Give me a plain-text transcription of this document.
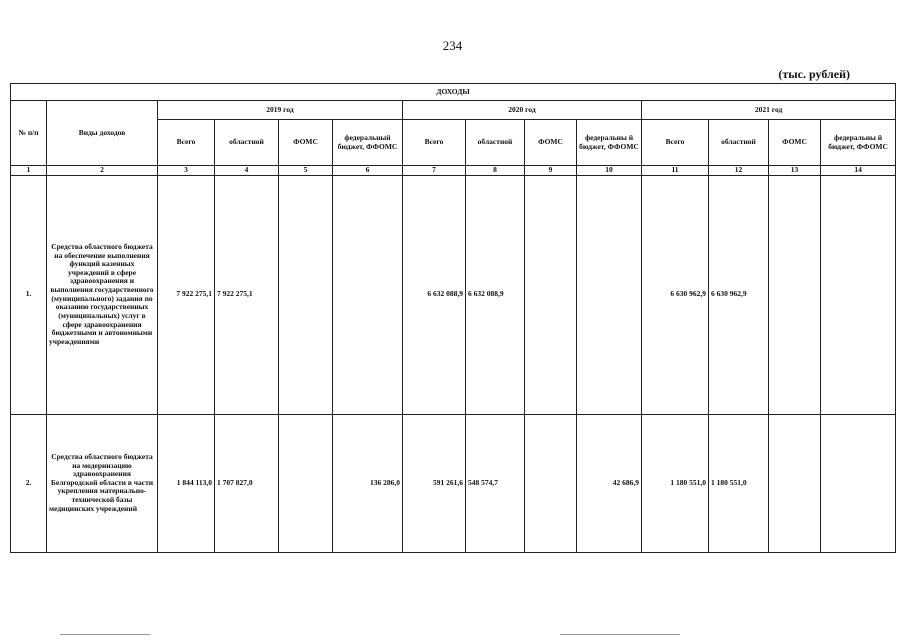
234
(тыс. рублей)
ДОХОДЫ													
№ п/п	Виды доходов	2019 год				2020 год				2021 год			
		Всего	областной	ФОМС	федеральный бюджет, ФФОМС	Всего	областной	ФОМС	федеральны й бюджет, ФФОМС	Всего	областной	ФОМС	федеральны й бюджет, ФФОМС
1	2	3	4	5	6	7	8	9	10	11	12	13	14
1.	Средства областного бюджета на обеспечение выполнения функций казенных учреждений в сфере здравоохранения и выполнения государственного (муниципального) задания по оказанию государственных (муниципальных) услуг в сфере здравоохранения бюджетными и автономными учреждениями	7 922 275,1	7 922 275,1			6 632 088,9	6 632 088,9			6 630 962,9	6 630 962,9		
2.	Средства областного бюджета на модернизацию здравоохранения Белгородской области в части укрепления материально-технической базы медицинских учреждений	1 844 113,0	1 707 827,0		136 286,0	591 261,6	548 574,7		42 686,9	1 180 551,0	1 180 551,0		
